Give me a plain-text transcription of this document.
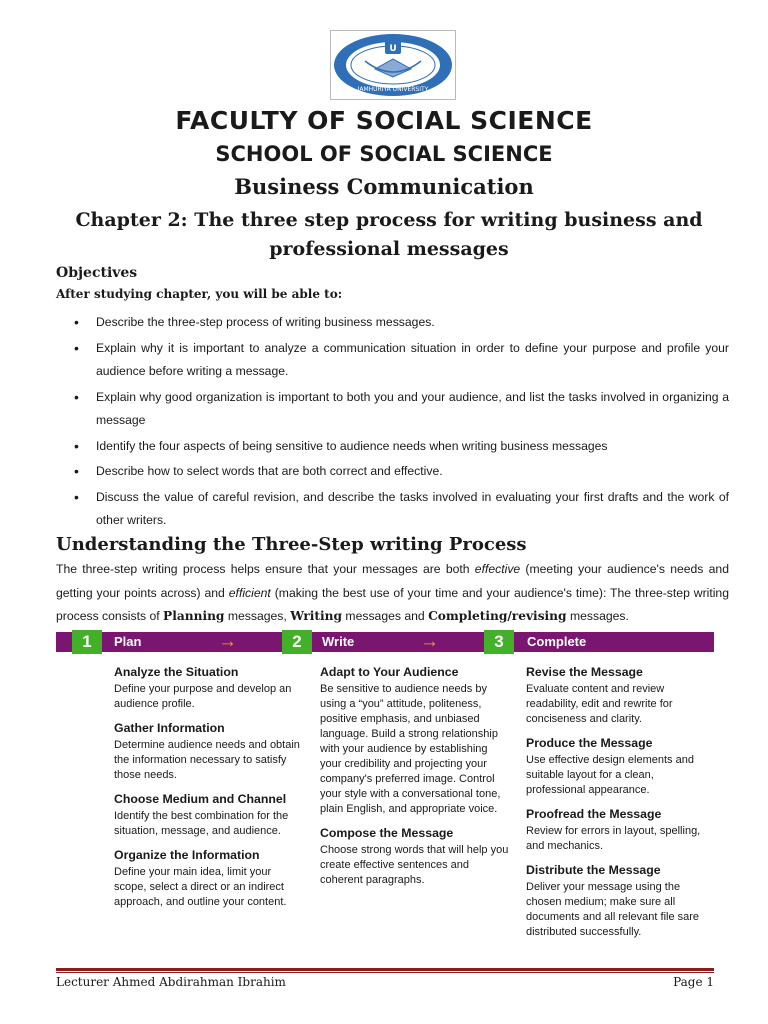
U
JAMHURIYA UNIVERSITY
FACULTY OF SOCIAL SCIENCE
SCHOOL OF SOCIAL SCIENCE
Business Communication
Chapter 2: The three step process for writing business and professional messages
Objectives
After studying chapter, you will be able to:
• Describe the three-step process of writing business messages.
• Explain why it is important to analyze a communication situation in order to define your purpose and profile your audience before writing a message.
• Explain why good organization is important to both you and your audience, and list the tasks involved in organizing a message
• Identify the four aspects of being sensitive to audience needs when writing business messages
• Describe how to select words that are both correct and effective.
• Discuss the value of careful revision, and describe the tasks involved in evaluating your first drafts and the work of other writers.
Understanding the Three-Step writing Process
The three-step writing process helps ensure that your messages are both effective (meeting your audience's needs and getting your points across) and efficient (making the best use of your time and your audience's time): The three-step writing process consists of Planning messages, Writing messages and Completing/revising messages.
1	Plan	→	2	Write	→	3	Complete
Analyze the Situation
Define your purpose and develop an audience profile.
Gather Information
Determine audience needs and obtain the information necessary to satisfy those needs.
Choose Medium and Channel
Identify the best combination for the situation, message, and audience.
Organize the Information
Define your main idea, limit your scope, select a direct or an indirect approach, and outline your content.
Adapt to Your Audience
Be sensitive to audience needs by using a “you” attitude, politeness, positive emphasis, and unbiased language. Build a strong relationship with your audience by establishing your credibility and projecting your company's preferred image. Control your style with a conversational tone, plain English, and appropriate voice.
Compose the Message
Choose strong words that will help you create effective sentences and coherent paragraphs.
Revise the Message
Evaluate content and review readability, edit and rewrite for conciseness and clarity.
Produce the Message
Use effective design elements and suitable layout for a clean, professional appearance.
Proofread the Message
Review for errors in layout, spelling, and mechanics.
Distribute the Message
Deliver your message using the chosen medium; make sure all documents and all relevant file sare distributed successfully.
Lecturer Ahmed Abdirahman Ibrahim	Page 1
